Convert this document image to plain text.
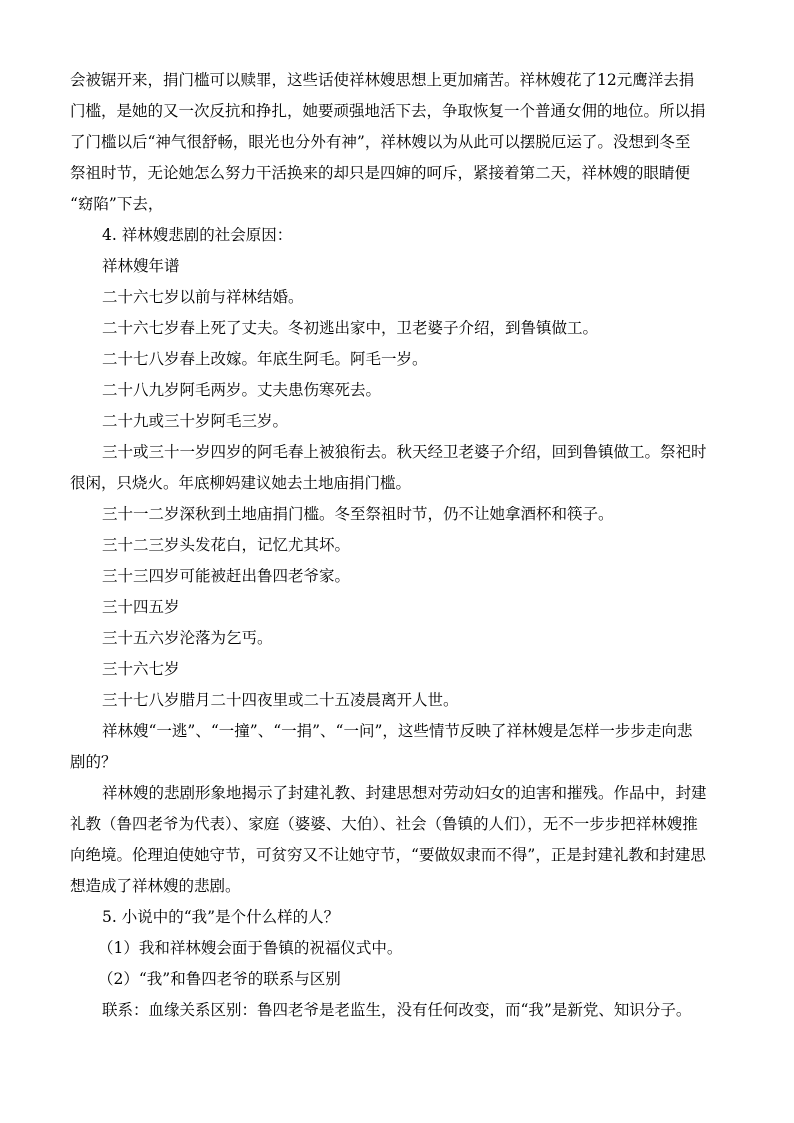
会被锯开来，捐门槛可以赎罪，这些话使祥林嫂思想上更加痛苦。祥林嫂花了12元鹰洋去捐
门槛，是她的又一次反抗和挣扎，她要顽强地活下去，争取恢复一个普通女佣的地位。所以捐
了门槛以后“神气很舒畅，眼光也分外有神”，祥林嫂以为从此可以摆脱厄运了。没想到冬至
祭祖时节，无论她怎么努力干活换来的却只是四婶的呵斥，紧接着第二天，祥林嫂的眼睛便
“窈陷”下去，
4. 祥林嫂悲剧的社会原因：
祥林嫂年谱
二十六七岁以前与祥林结婚。
二十六七岁春上死了丈夫。冬初逃出家中，卫老婆子介绍，到鲁镇做工。
二十七八岁春上改嫁。年底生阿毛。阿毛一岁。
二十八九岁阿毛两岁。丈夫患伤寒死去。
二十九或三十岁阿毛三岁。
三十或三十一岁四岁的阿毛春上被狼衔去。秋天经卫老婆子介绍，回到鲁镇做工。祭祀时
很闲，只烧火。年底柳妈建议她去土地庙捐门槛。
三十一二岁深秋到土地庙捐门槛。冬至祭祖时节，仍不让她拿酒杯和筷子。
三十二三岁头发花白，记忆尤其坏。
三十三四岁可能被赶出鲁四老爷家。
三十四五岁
三十五六岁沦落为乞丐。
三十六七岁
三十七八岁腊月二十四夜里或二十五凌晨离开人世。
祥林嫂“一逃”、“一撞”、“一捐”、“一问”，这些情节反映了祥林嫂是怎样一步步走向悲
剧的？
祥林嫂的悲剧形象地揭示了封建礼教、封建思想对劳动妇女的迫害和摧残。作品中，封建
礼教（鲁四老爷为代表）、家庭（婆婆、大伯）、社会（鲁镇的人们），无不一步步把祥林嫂推
向绝境。伦理迫使她守节，可贫穷又不让她守节，“要做奴隶而不得”，正是封建礼教和封建思
想造成了祥林嫂的悲剧。
5. 小说中的“我”是个什么样的人？
（1）我和祥林嫂会面于鲁镇的祝福仪式中。
（2）“我”和鲁四老爷的联系与区别
联系：血缘关系区别：鲁四老爷是老监生，没有任何改变，而“我”是新党、知识分子。
